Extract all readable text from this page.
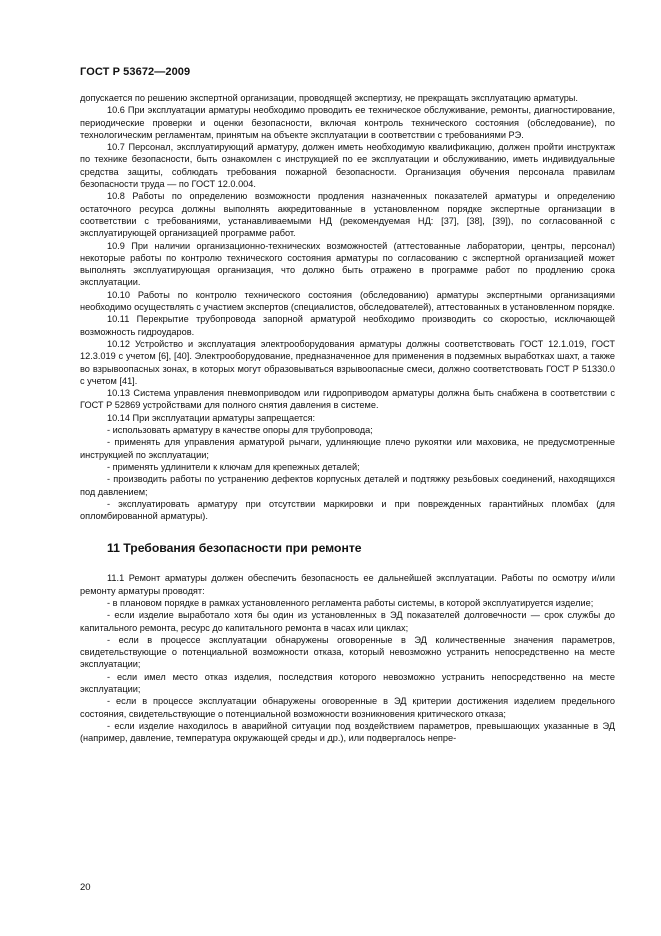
ГОСТ Р 53672—2009

допускается по решению экспертной организации, проводящей экспертизу, не прекращать эксплуатацию арматуры.

10.6 При эксплуатации арматуры необходимо проводить ее техническое обслуживание, ремонты, диагностирование, периодические проверки и оценки безопасности, включая контроль технического состояния (обследование), по технологическим регламентам, принятым на объекте эксплуатации в соответствии с требованиями РЭ.

10.7 Персонал, эксплуатирующий арматуру, должен иметь необходимую квалификацию, должен пройти инструктаж по технике безопасности, быть ознакомлен с инструкцией по ее эксплуатации и обслуживанию, иметь индивидуальные средства защиты, соблюдать требования пожарной безопасности. Организация обучения персонала правилам безопасности труда — по ГОСТ 12.0.004.

10.8 Работы по определению возможности продления назначенных показателей арматуры и определению остаточного ресурса должны выполнять аккредитованные в установленном порядке экспертные организации в соответствии с требованиями, устанавливаемыми НД (рекомендуемая НД: [37], [38], [39]), по согласованной с эксплуатирующей организацией программе работ.

10.9 При наличии организационно-технических возможностей (аттестованные лаборатории, центры, персонал) некоторые работы по контролю технического состояния арматуры по согласованию с экспертной организацией может выполнять эксплуатирующая организация, что должно быть отражено в программе работ по продлению срока эксплуатации.

10.10 Работы по контролю технического состояния (обследованию) арматуры экспертными организациями необходимо осуществлять с участием экспертов (специалистов, обследователей), аттестованных в установленном порядке.

10.11 Перекрытие трубопровода запорной арматурой необходимо производить со скоростью, исключающей возможность гидроударов.

10.12 Устройство и эксплуатация электрооборудования арматуры должны соответствовать ГОСТ 12.1.019, ГОСТ 12.3.019 с учетом [6], [40]. Электрооборудование, предназначенное для применения в подземных выработках шахт, а также во взрывоопасных зонах, в которых могут образовываться взрывоопасные смеси, должно соответствовать ГОСТ Р 51330.0 с учетом [41].

10.13 Система управления пневмоприводом или гидроприводом арматуры должна быть снабжена в соответствии с ГОСТ Р 52869 устройствами для полного снятия давления в системе.

10.14 При эксплуатации арматуры запрещается:

- использовать арматуру в качестве опоры для трубопровода;

- применять для управления арматурой рычаги, удлиняющие плечо рукоятки или маховика, не предусмотренные инструкцией по эксплуатации;

- применять удлинители к ключам для крепежных деталей;

- производить работы по устранению дефектов корпусных деталей и подтяжку резьбовых соединений, находящихся под давлением;

- эксплуатировать арматуру при отсутствии маркировки и при поврежденных гарантийных пломбах (для опломбированной арматуры).

11 Требования безопасности при ремонте

11.1 Ремонт арматуры должен обеспечить безопасность ее дальнейшей эксплуатации. Работы по осмотру и/или ремонту арматуры проводят:

- в плановом порядке в рамках установленного регламента работы системы, в которой эксплуатируется изделие;

- если изделие выработало хотя бы один из установленных в ЭД показателей долговечности — срок службы до капитального ремонта, ресурс до капитального ремонта в часах или циклах;

- если в процессе эксплуатации обнаружены оговоренные в ЭД количественные значения параметров, свидетельствующие о потенциальной возможности отказа, который невозможно устранить непосредственно на месте эксплуатации;

- если имел место отказ изделия, последствия которого невозможно устранить непосредственно на месте эксплуатации;

- если в процессе эксплуатации обнаружены оговоренные в ЭД критерии достижения изделием предельного состояния, свидетельствующие о потенциальной возможности возникновения критического отказа;

- если изделие находилось в аварийной ситуации под воздействием параметров, превышающих указанные в ЭД (например, давление, температура окружающей среды и др.), или подвергалось непре-

20
